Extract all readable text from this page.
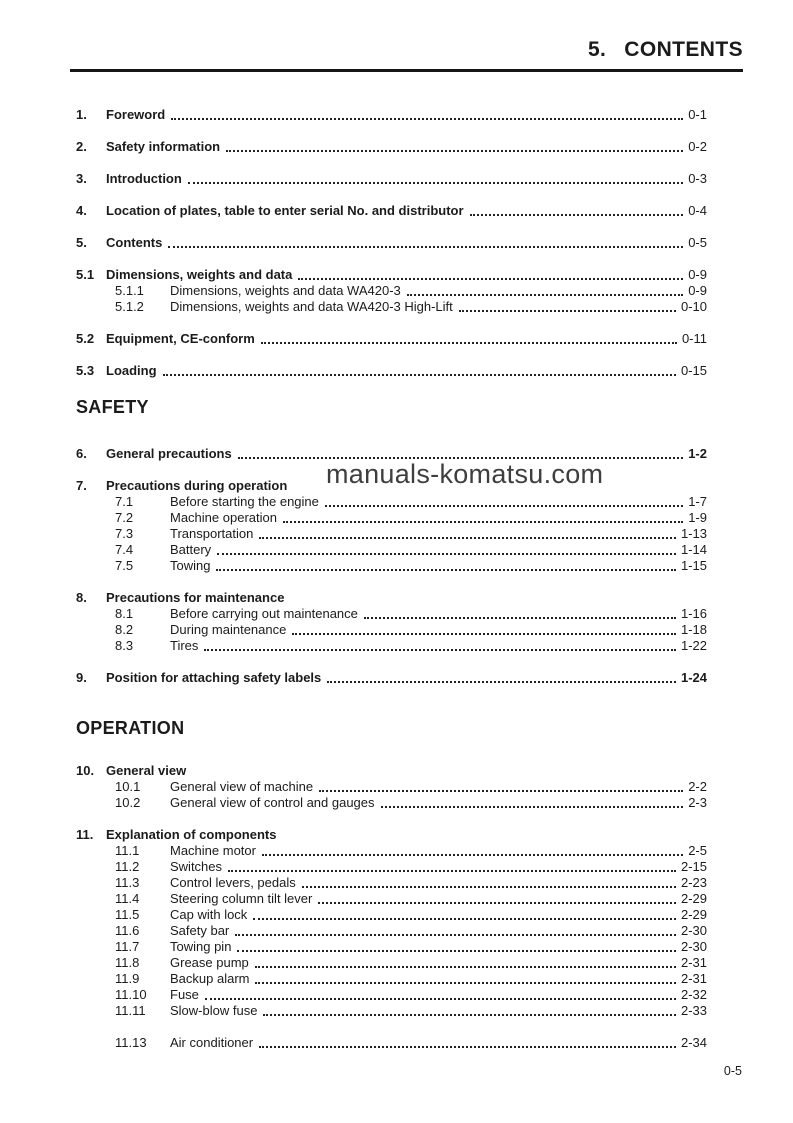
5. CONTENTS
1.	Foreword	0-1
2.	Safety information	0-2
3.	Introduction	0-3
4.	Location of plates, table to enter serial No. and distributor	0-4
5.	Contents	0-5
5.1 Dimensions, weights and data	0-9
5.1.1	Dimensions, weights and data WA420-3	0-9
5.1.2	Dimensions, weights and data WA420-3 High-Lift	0-10
5.2 Equipment, CE-conform	0-11
5.3 Loading	0-15
SAFETY
6.	General precautions	1-2
7.	Precautions during operation
7.1	Before starting the engine	1-7
7.2	Machine operation	1-9
7.3	Transportation	1-13
7.4	Battery	1-14
7.5	Towing	1-15
8.	Precautions for maintenance
8.1	Before carrying out maintenance	1-16
8.2	During maintenance	1-18
8.3	Tires	1-22
9.	Position for attaching safety labels	1-24
OPERATION
10. General view
10.1	General view of machine	2-2
10.2	General view of control and gauges	2-3
11. Explanation of components
11.1	Machine motor	2-5
11.2	Switches	2-15
11.3	Control levers, pedals	2-23
11.4	Steering column tilt lever	2-29
11.5	Cap with lock	2-29
11.6	Safety bar	2-30
11.7	Towing pin	2-30
11.8	Grease pump	2-31
11.9	Backup alarm	2-31
11.10	Fuse	2-32
11.11	Slow-blow fuse	2-33
11.13	Air conditioner	2-34
manuals-komatsu.com
0-5
